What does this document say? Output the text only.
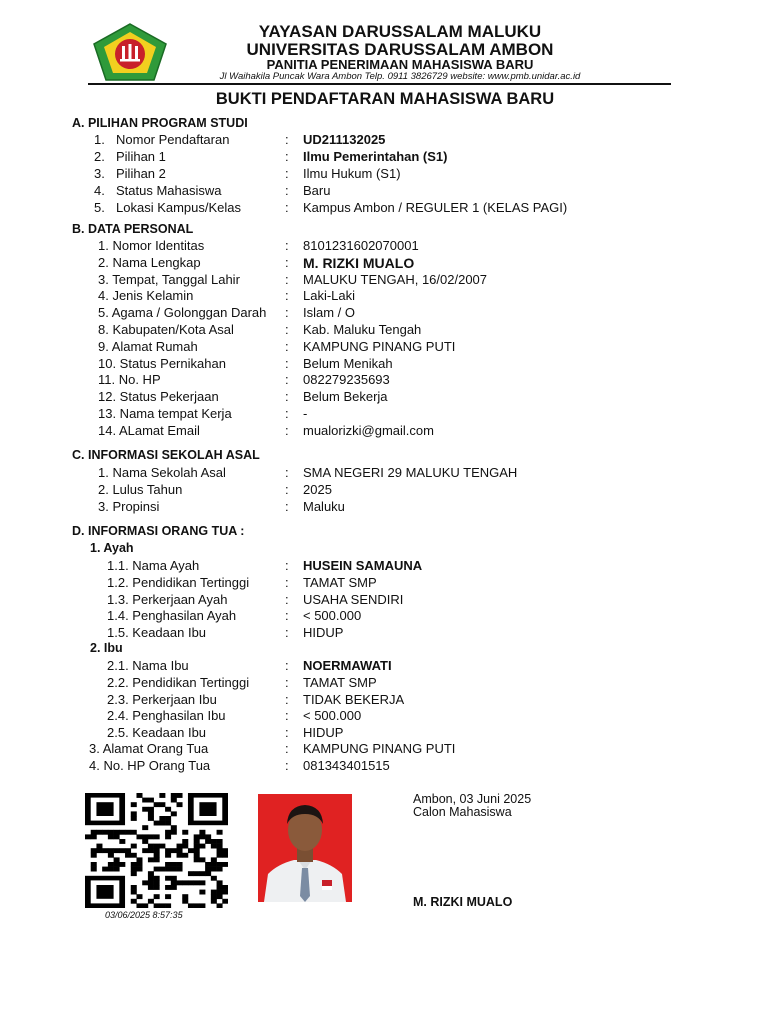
YAYASAN DARUSSALAM MALUKU
UNIVERSITAS DARUSSALAM AMBON
PANITIA PENERIMAAN MAHASISWA BARU
Jl Waihakila Puncak Wara Ambon Telp. 0911 3826729 website: www.pmb.unidar.ac.id
BUKTI PENDAFTARAN MAHASISWA BARU
A. PILIHAN PROGRAM STUDI
1. Nomor Pendaftaran	: UD211132025
2. Pilihan 1	: Ilmu Pemerintahan (S1)
3. Pilihan 2	: Ilmu Hukum (S1)
4. Status Mahasiswa	: Baru
5. Lokasi Kampus/Kelas	: Kampus Ambon / REGULER 1 (KELAS PAGI)
B. DATA PERSONAL
1. Nomor Identitas	: 8101231602070001
2. Nama Lengkap	: M. RIZKI MUALO
3. Tempat, Tanggal Lahir	: MALUKU TENGAH, 16/02/2007
4. Jenis Kelamin	: Laki-Laki
5. Agama / Golonggan Darah : Islam / O
8. Kabupaten/Kota Asal	: Kab. Maluku Tengah
9. Alamat Rumah	: KAMPUNG PINANG PUTI
10. Status Pernikahan	: Belum Menikah
11. No. HP	: 082279235693
12. Status Pekerjaan	: Belum Bekerja
13. Nama tempat Kerja	: -
14. ALamat Email	: mualorizki@gmail.com
C. INFORMASI SEKOLAH ASAL
1. Nama Sekolah Asal	: SMA NEGERI 29 MALUKU TENGAH
2. Lulus Tahun	: 2025
3. Propinsi	: Maluku
D. INFORMASI ORANG TUA :
1. Ayah
1.1. Nama Ayah	: HUSEIN SAMAUNA
1.2. Pendidikan Tertinggi	: TAMAT SMP
1.3. Perkerjaan Ayah	: USAHA SENDIRI
1.4. Penghasilan Ayah	: < 500.000
1.5. Keadaan Ibu	: HIDUP
2. Ibu
2.1. Nama Ibu	: NOERMAWATI
2.2. Pendidikan Tertinggi	: TAMAT SMP
2.3. Perkerjaan Ibu	: TIDAK BEKERJA
2.4. Penghasilan Ibu	: < 500.000
2.5. Keadaan Ibu	: HIDUP
3. Alamat Orang Tua	: KAMPUNG PINANG PUTI
4. No. HP Orang Tua	: 081343401515
03/06/2025 8:57:35
Ambon, 03 Juni 2025
Calon Mahasiswa
M. RIZKI MUALO
